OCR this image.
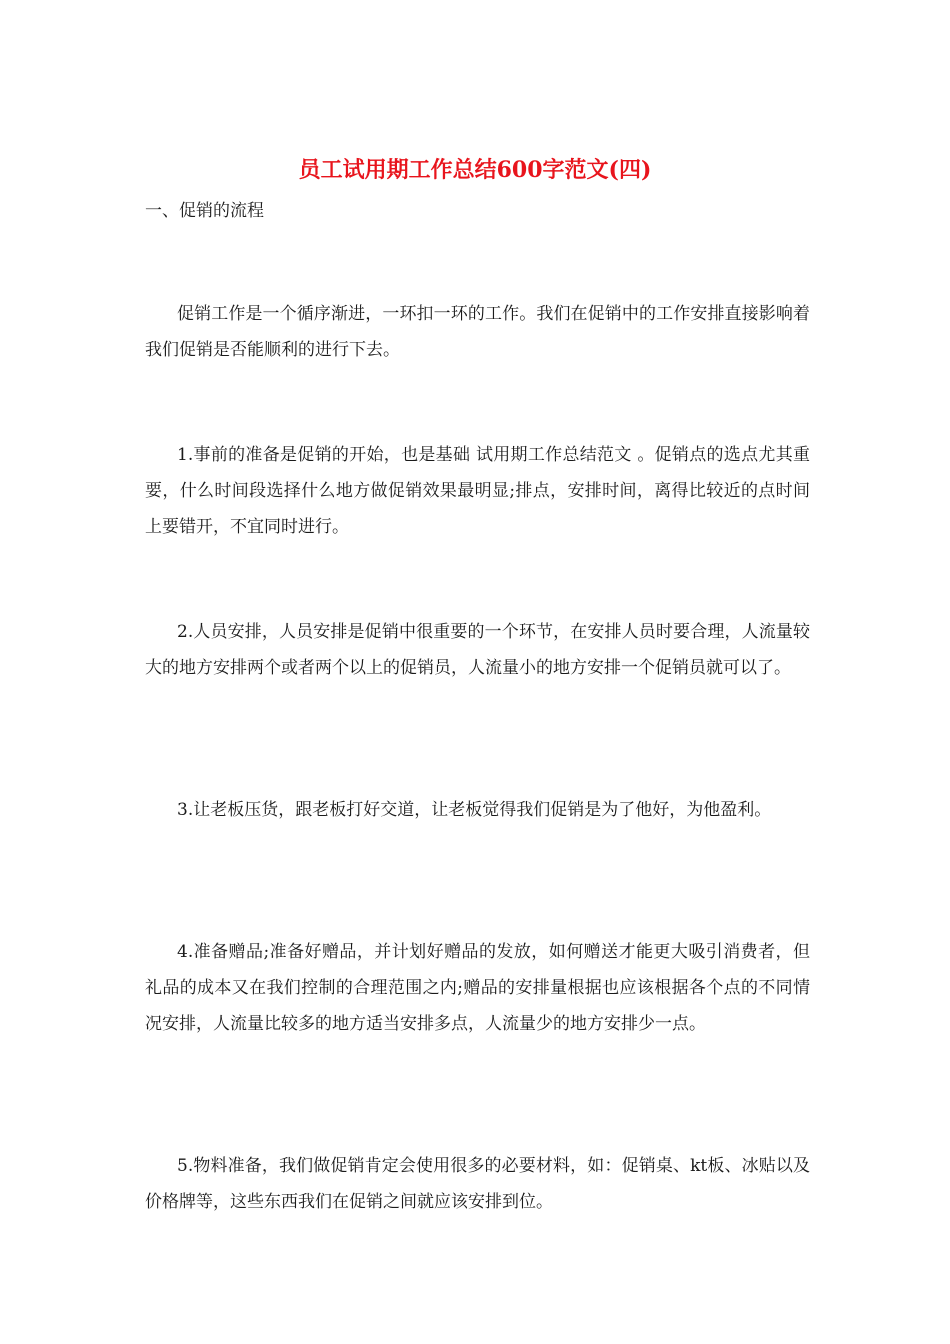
员工试用期工作总结600字范文(四)

一、促销的流程

促销工作是一个循序渐进，一环扣一环的工作。我们在促销中的工作安排直接影响着我们促销是否能顺利的进行下去。

1.事前的准备是促销的开始，也是基础 试用期工作总结范文 。促销点的选点尤其重要，什么时间段选择什么地方做促销效果最明显;排点，安排时间，离得比较近的点时间上要错开，不宜同时进行。

2.人员安排，人员安排是促销中很重要的一个环节，在安排人员时要合理，人流量较大的地方安排两个或者两个以上的促销员，人流量小的地方安排一个促销员就可以了。

3.让老板压货，跟老板打好交道，让老板觉得我们促销是为了他好，为他盈利。

4.准备赠品;准备好赠品，并计划好赠品的发放，如何赠送才能更大吸引消费者，但礼品的成本又在我们控制的合理范围之内;赠品的安排量根据也应该根据各个点的不同情况安排，人流量比较多的地方适当安排多点，人流量少的地方安排少一点。

5.物料准备，我们做促销肯定会使用很多的必要材料，如：促销桌、kt板、冰贴以及价格牌等，这些东西我们在促销之间就应该安排到位。
